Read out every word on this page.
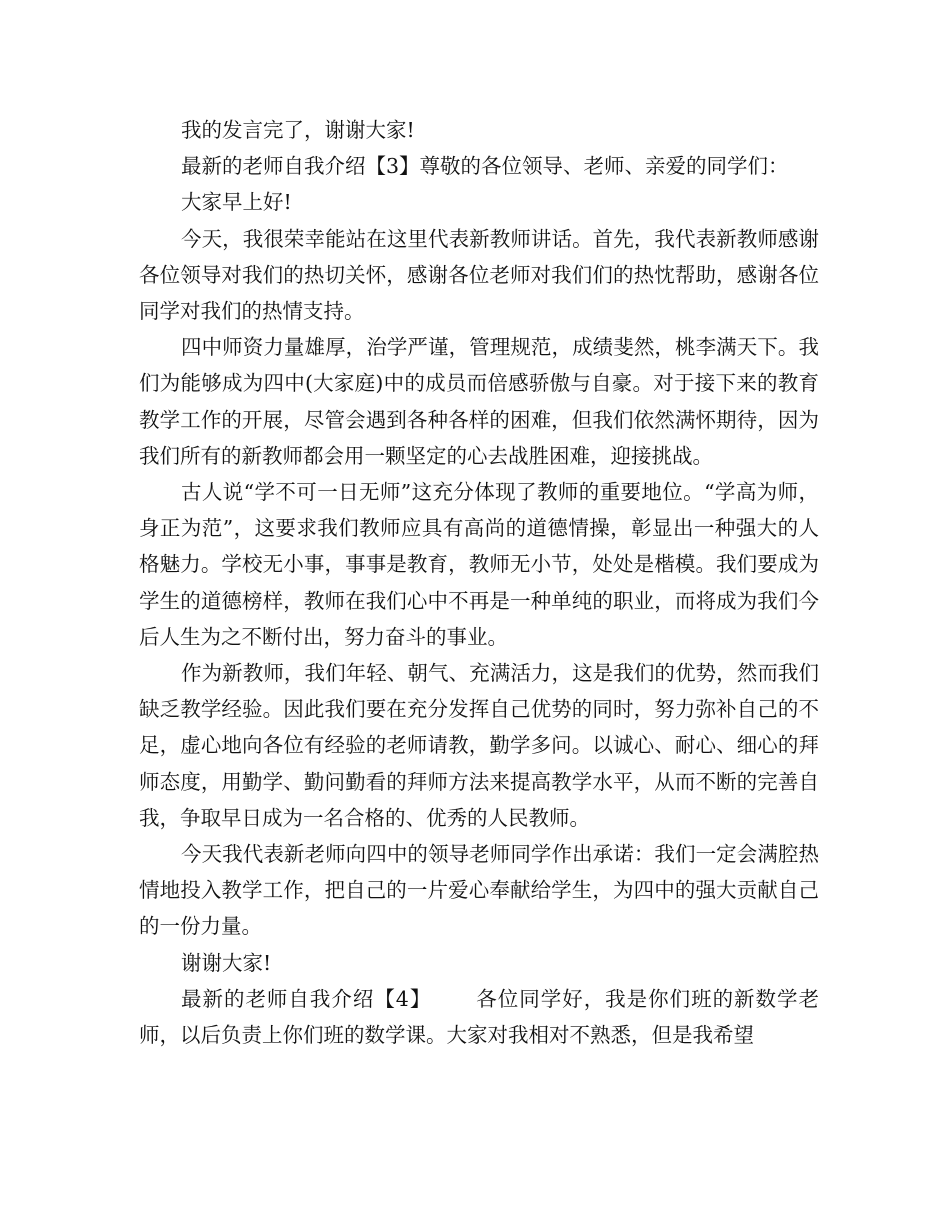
我的发言完了，谢谢大家!

最新的老师自我介绍【3】尊敬的各位领导、老师、亲爱的同学们：

大家早上好!

今天，我很荣幸能站在这里代表新教师讲话。首先，我代表新教师感谢各位领导对我们的热切关怀，感谢各位老师对我们们的热忱帮助，感谢各位同学对我们的热情支持。

四中师资力量雄厚，治学严谨，管理规范，成绩斐然，桃李满天下。我们为能够成为四中(大家庭)中的成员而倍感骄傲与自豪。对于接下来的教育教学工作的开展，尽管会遇到各种各样的困难，但我们依然满怀期待，因为我们所有的新教师都会用一颗坚定的心去战胜困难，迎接挑战。

古人说“学不可一日无师”这充分体现了教师的重要地位。“学高为师，身正为范”，这要求我们教师应具有高尚的道德情操，彰显出一种强大的人格魅力。学校无小事，事事是教育，教师无小节，处处是楷模。我们要成为学生的道德榜样，教师在我们心中不再是一种单纯的职业，而将成为我们今后人生为之不断付出，努力奋斗的事业。

作为新教师，我们年轻、朝气、充满活力，这是我们的优势，然而我们缺乏教学经验。因此我们要在充分发挥自己优势的同时，努力弥补自己的不足，虚心地向各位有经验的老师请教，勤学多问。以诚心、耐心、细心的拜师态度，用勤学、勤问勤看的拜师方法来提高教学水平，从而不断的完善自我，争取早日成为一名合格的、优秀的人民教师。

今天我代表新老师向四中的领导老师同学作出承诺：我们一定会满腔热情地投入教学工作，把自己的一片爱心奉献给学生，为四中的强大贡献自己的一份力量。

谢谢大家!

最新的老师自我介绍【4】 各位同学好，我是你们班的新数学老师，以后负责上你们班的数学课。大家对我相对不熟悉，但是我希望
